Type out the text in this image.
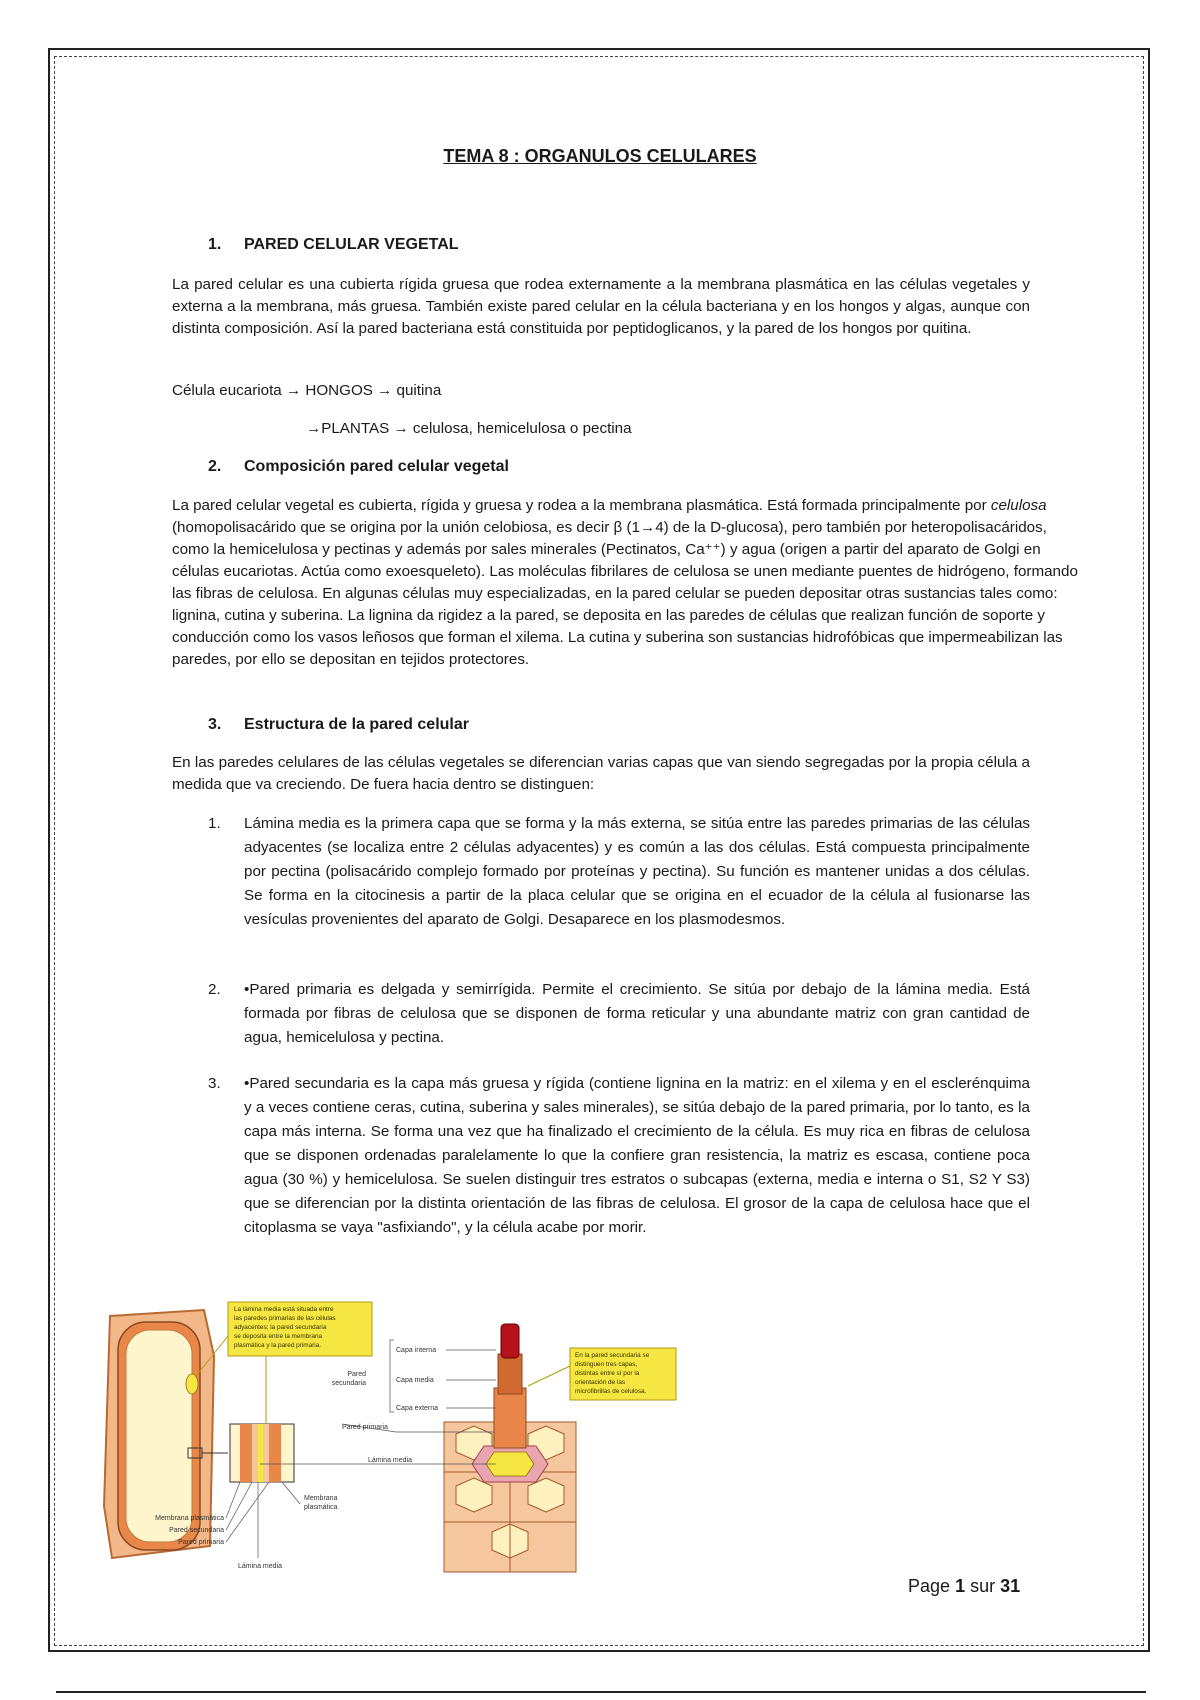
TEMA 8 : ORGANULOS CELULARES
1. PARED CELULAR VEGETAL
La pared celular es una cubierta rígida gruesa que rodea externamente a la membrana plasmática en las células vegetales y externa a la membrana, más gruesa. También existe pared celular en la célula bacteriana y en los hongos y algas, aunque con distinta composición. Así la pared bacteriana está constituida por peptidoglicanos, y la pared de los hongos por quitina.
Célula eucariota → HONGOS → quitina
→PLANTAS → celulosa, hemicelulosa o pectina
2. Composición pared celular vegetal
La pared celular vegetal es cubierta, rígida y gruesa y rodea a la membrana plasmática. Está formada principalmente por celulosa (homopolisacárido que se origina por la unión celobiosa, es decir β (1→4) de la D-glucosa), pero también por heteropolisacáridos, como la hemicelulosa y pectinas y además por sales minerales (Pectinatos, Ca⁺⁺) y agua (origen a partir del aparato de Golgi en células eucariotas. Actúa como exoesqueleto). Las moléculas fibrilares de celulosa se unen mediante puentes de hidrógeno, formando las fibras de celulosa. En algunas células muy especializadas, en la pared celular se pueden depositar otras sustancias tales como: lignina, cutina y suberina. La lignina da rigidez a la pared, se deposita en las paredes de células que realizan función de soporte y conducción como los vasos leñosos que forman el xilema. La cutina y suberina son sustancias hidrofóbicas que impermeabilizan las paredes, por ello se depositan en tejidos protectores.
3. Estructura de la pared celular
En las paredes celulares de las células vegetales se diferencian varias capas que van siendo segregadas por la propia célula a medida que va creciendo. De fuera hacia dentro se distinguen:
1. Lámina media es la primera capa que se forma y la más externa, se sitúa entre las paredes primarias de las células adyacentes (se localiza entre 2 células adyacentes) y es común a las dos células. Está compuesta principalmente por pectina (polisacárido complejo formado por proteínas y pectina). Su función es mantener unidas a dos células. Se forma en la citocinesis a partir de la placa celular que se origina en el ecuador de la célula al fusionarse las vesículas provenientes del aparato de Golgi. Desaparece en los plasmodesmos.
2. •Pared primaria es delgada y semirrígida. Permite el crecimiento. Se sitúa por debajo de la lámina media. Está formada por fibras de celulosa que se disponen de forma reticular y una abundante matriz con gran cantidad de agua, hemicelulosa y pectina.
3. •Pared secundaria es la capa más gruesa y rígida (contiene lignina en la matriz: en el xilema y en el esclerénquima y a veces contiene ceras, cutina, suberina y sales minerales), se sitúa debajo de la pared primaria, por lo tanto, es la capa más interna. Se forma una vez que ha finalizado el crecimiento de la célula. Es muy rica en fibras de celulosa que se disponen ordenadas paralelamente lo que la confiere gran resistencia, la matriz es escasa, contiene poca agua (30 %) y hemicelulosa. Se suelen distinguir tres estratos o subcapas (externa, media e interna o S1, S2 Y S3) que se diferencian por la distinta orientación de las fibras de celulosa. El grosor de la capa de celulosa hace que el citoplasma se vaya "asfixiando", y la célula acabe por morir.
La lámina media está situada entre
las paredes primarias de las células
adyacentes; la pared secundaria
se deposita entre la membrana
plasmática y la pared primaria.
En la pared secundaria se
distinguen tres capas,
distintas entre sí por la
orientación de las
microfibrillas de celulosa.
Capa interna
Capa media
Capa externa
Pared
secundaria
Pared primaria
Lámina media
Membrana
plasmática
Membrana plasmática
Pared secundaria
Pared primaria
Lámina media
Page 1 sur 31
